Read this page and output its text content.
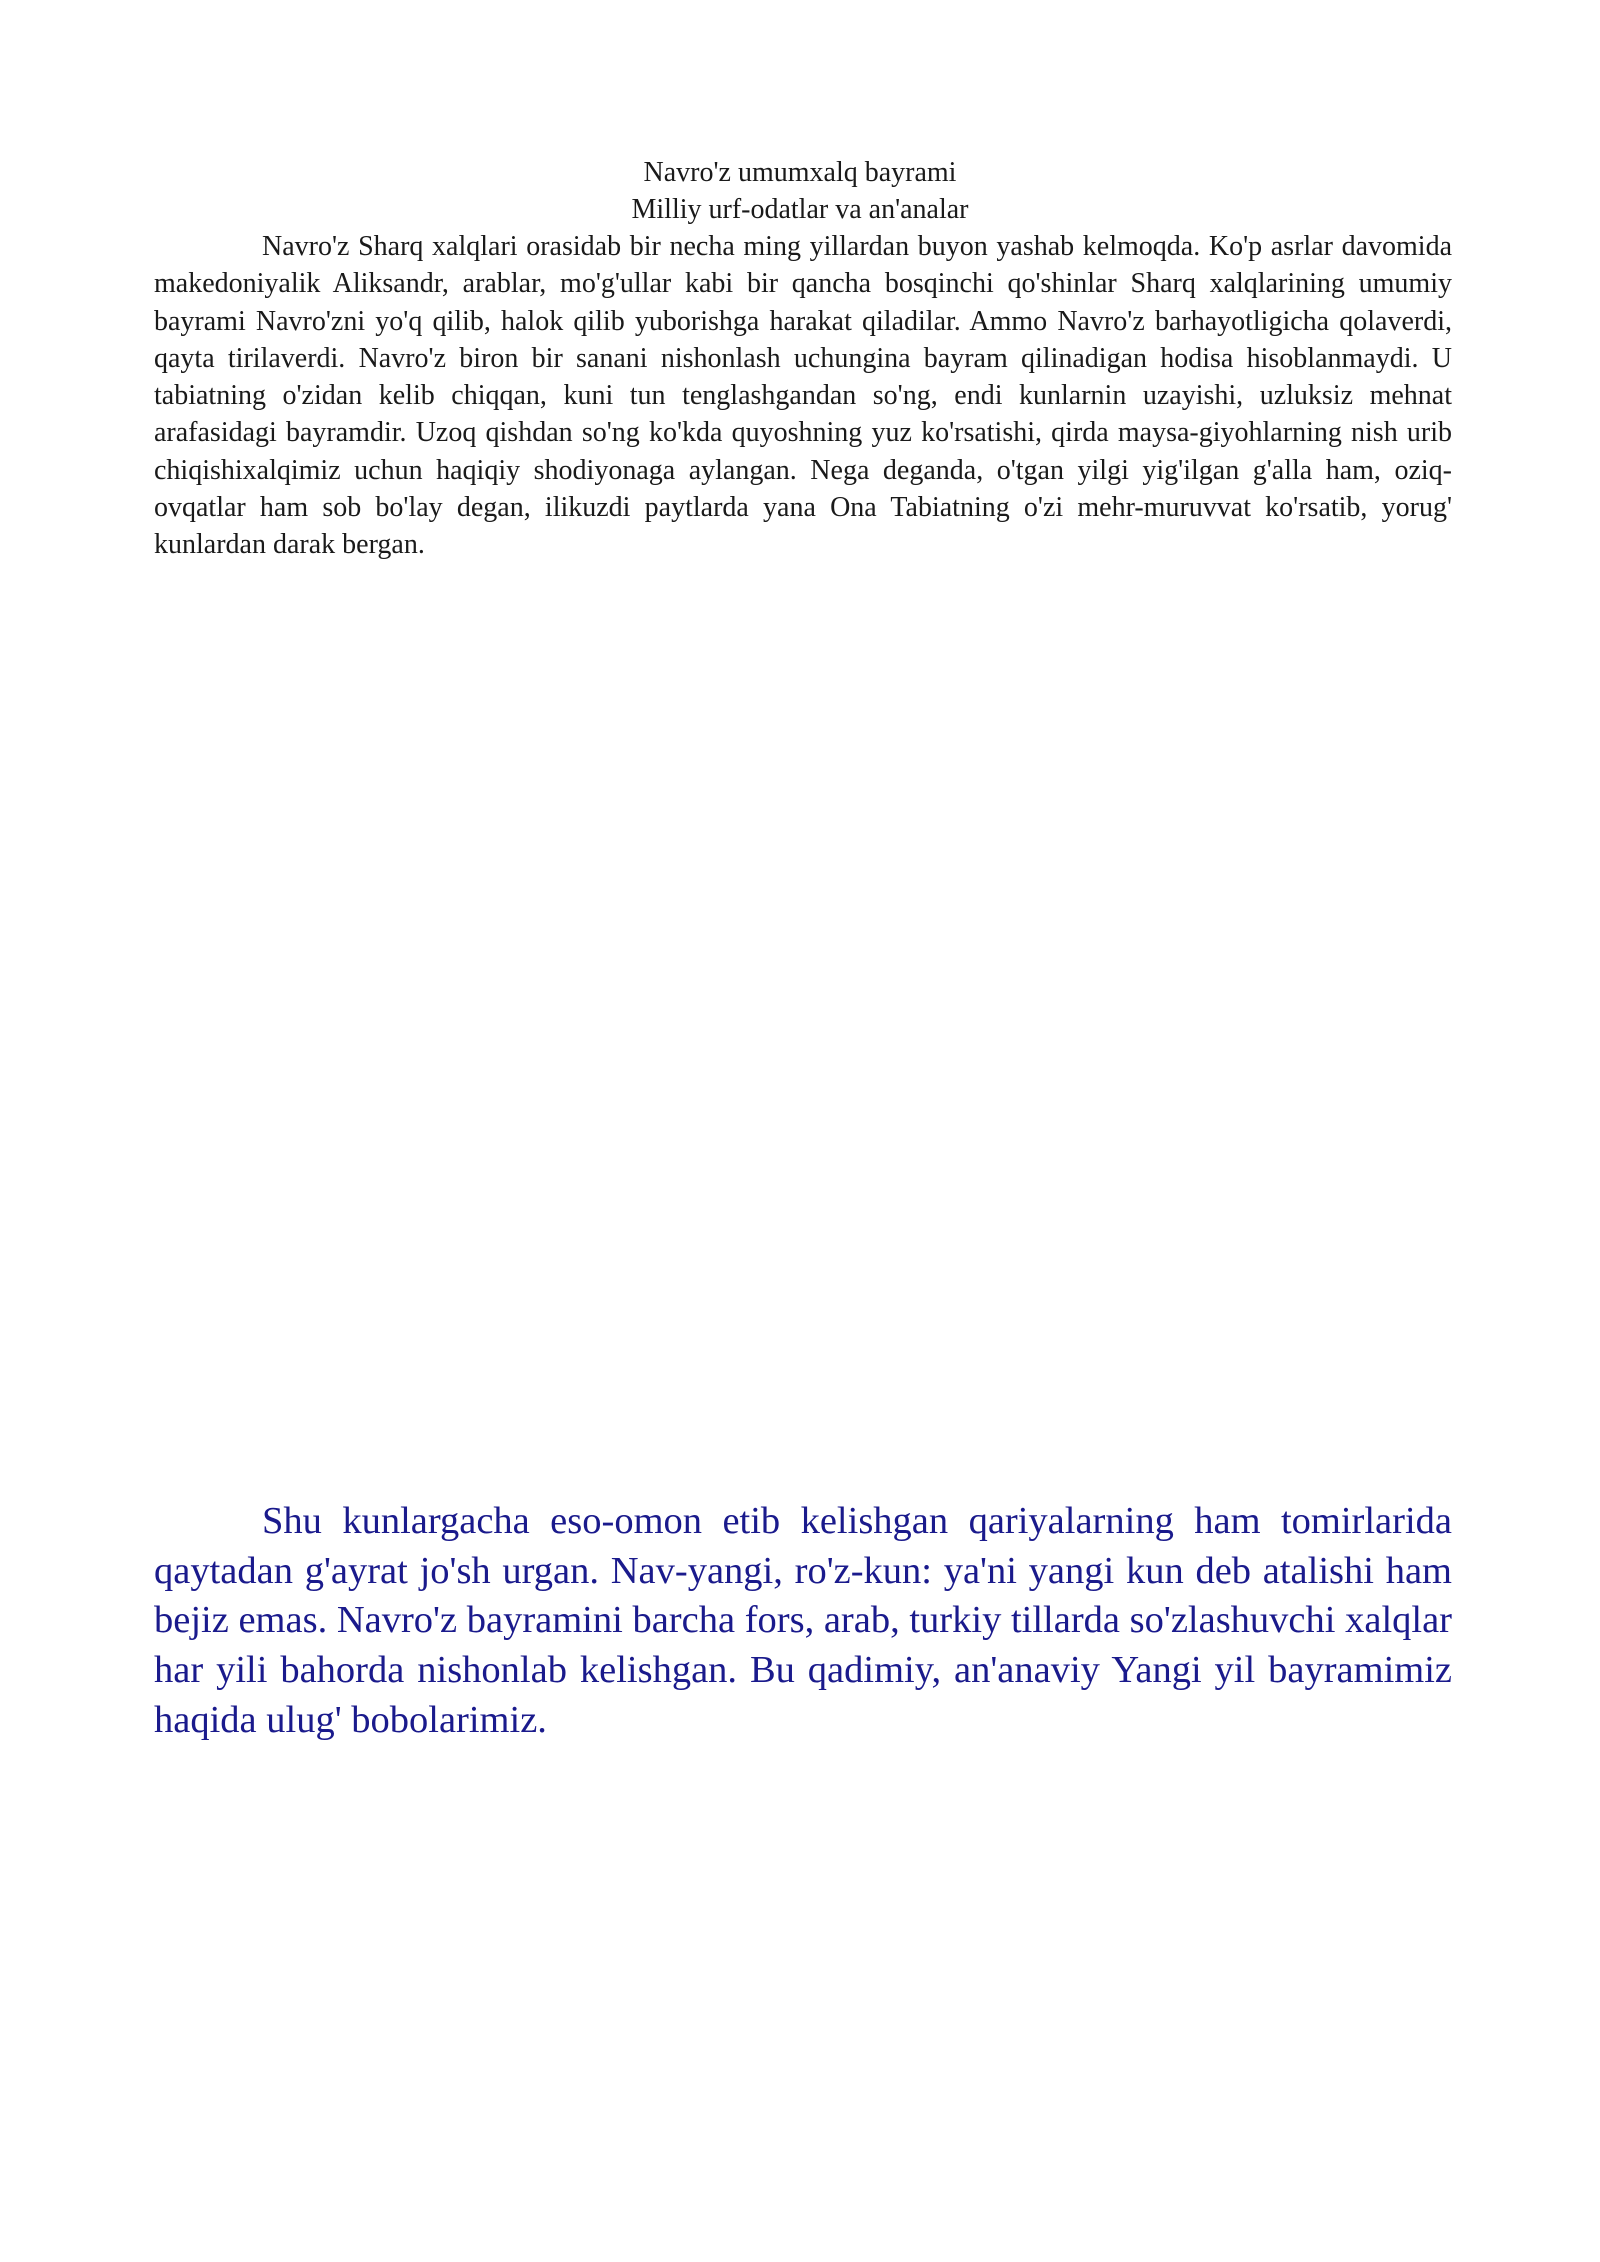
Navro'z umumxalq bayrami

Milliy urf-odatlar va an'analar

Navro'z Sharq xalqlari orasidab bir necha ming yillardan buyon yashab kelmoqda. Ko'p asrlar davomida makedoniyalik Aliksandr, arablar, mo'g'ullar kabi bir qancha bosqinchi qo'shinlar Sharq xalqlarining umumiy bayrami Navro'zni yo'q qilib, halok qilib yuborishga harakat qiladilar. Ammo Navro'z barhayotligicha qolaverdi, qayta tirilaverdi. Navro'z biron bir sanani nishonlash uchungina bayram qilinadigan hodisa hisoblanmaydi. U tabiatning o'zidan kelib chiqqan, kuni tun tenglashgandan so'ng, endi kunlarnin uzayishi, uzluksiz mehnat arafasidagi bayramdir. Uzoq qishdan so'ng ko'kda quyoshning yuz ko'rsatishi, qirda maysa-giyohlarning nish urib chiqishixalqimiz uchun haqiqiy shodiyonaga aylangan. Nega deganda, o'tgan yilgi yig'ilgan g'alla ham, oziq-ovqatlar ham sob bo'lay degan, ilikuzdi paytlarda yana Ona Tabiatning o'zi mehr-muruvvat ko'rsatib, yorug' kunlardan darak bergan.

Shu kunlargacha eso-omon etib kelishgan qariyalarning ham tomirlarida qaytadan g'ayrat jo'sh urgan. Nav-yangi, ro'z-kun: ya'ni yangi kun deb atalishi ham bejiz emas. Navro'z bayramini barcha fors, arab, turkiy tillarda so'zlashuvchi xalqlar har yili bahorda nishonlab kelishgan. Bu qadimiy, an'anaviy Yangi yil bayramimiz haqida ulug' bobolarimiz.
